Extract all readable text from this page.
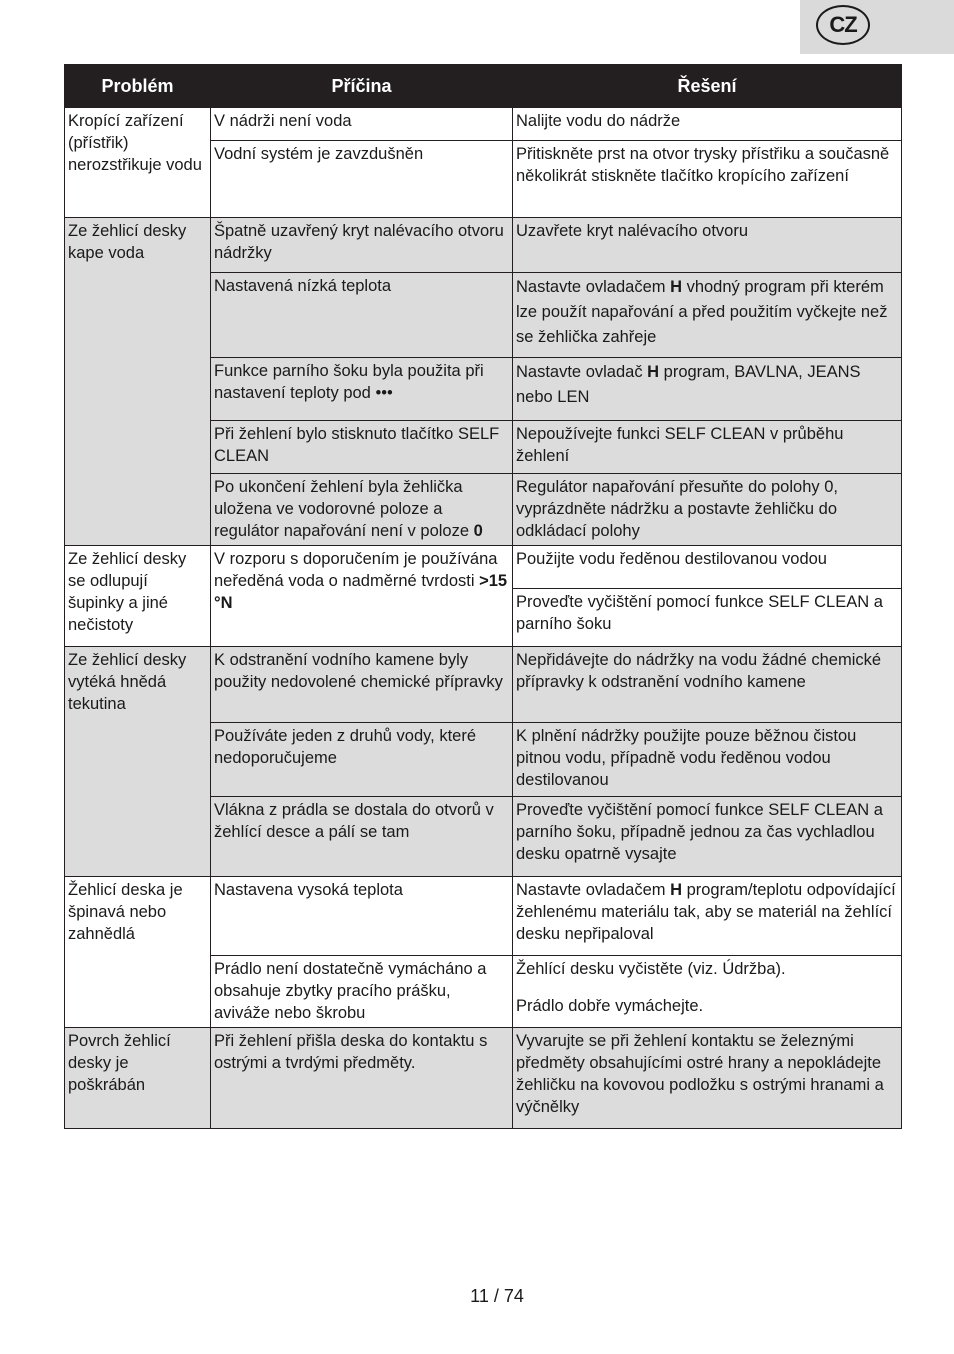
CZ
Problém	Příčina	Řešení
Kropící zařízení (přístřik) nerozstřikuje vodu	V nádrži není voda	Nalijte vodu do nádrže
	Vodní systém je zavzdušněn	Přitiskněte prst na otvor trysky přístřiku a současně několikrát stiskněte tlačítko kropícího zařízení
Ze žehlicí desky kape voda	Špatně uzavřený kryt nalévacího otvoru nádržky	Uzavřete kryt nalévacího otvoru
	Nastavená nízká teplota	Nastavte ovladačem H vhodný program při kterém lze použít napařování a před použitím vyčkejte než se žehlička zahřeje
	Funkce parního šoku byla použita při nastavení teploty pod •••	Nastavte ovladač H program, BAVLNA, JEANS nebo LEN
	Při žehlení bylo stisknuto tlačítko SELF CLEAN	Nepoužívejte funkci SELF CLEAN v průběhu žehlení
	Po ukončení žehlení byla žehlička uložena ve vodorovné poloze a regulátor napařování není v poloze 0	Regulátor napařování přesuňte do polohy 0, vyprázdněte nádržku a postavte žehličku do odkládací polohy
Ze žehlicí desky se odlupují šupinky a jiné nečistoty	V rozporu s doporučením je používána neředěná voda o nadměrné tvrdosti >15 °N	Použijte vodu ředěnou destilovanou vodou
		Proveďte vyčištění pomocí funkce SELF CLEAN a parního šoku
Ze žehlicí desky vytéká hnědá tekutina	K odstranění vodního kamene byly použity nedovolené chemické přípravky	Nepřidávejte do nádržky na vodu žádné chemické přípravky k odstranění vodního kamene
	Používáte jeden z druhů vody, které nedoporučujeme	K plnění nádržky použijte pouze běžnou čistou pitnou vodu, případně vodu ředěnou vodou destilovanou
	Vlákna z prádla se dostala do otvorů v žehlící desce a pálí se tam	Proveďte vyčištění pomocí funkce SELF CLEAN a parního šoku, případně jednou za čas vychladlou desku opatrně vysajte
Žehlicí deska je špinavá nebo zahnědlá	Nastavena vysoká teplota	Nastavte ovladačem H program/teplotu odpovídající žehlenému materiálu tak, aby se materiál na žehlící desku nepřipaloval
	Prádlo není dostatečně vymácháno a obsahuje zbytky pracího prášku, aviváže nebo škrobu	Žehlící desku vyčistěte (viz. Údržba).
Prádlo dobře vymáchejte.

Povrch žehlicí desky je poškrábán	Při žehlení přišla deska do kontaktu s ostrými a tvrdými předměty.	Vyvarujte se při žehlení kontaktu se železnými předměty obsahujícími ostré hrany a nepokládejte žehličku na kovovou podložku s ostrými hranami a výčnělky
11 / 74
